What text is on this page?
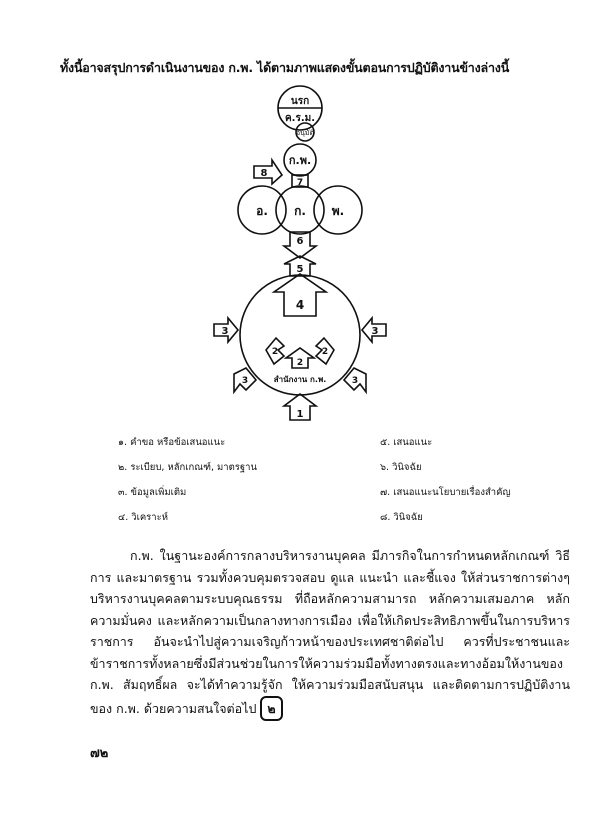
ทั้งนี้อาจสรุปการดำเนินงานของ ก.พ. ได้ตามภาพแสดงขั้นตอนการปฏิบัติงานข้างล่างนี้
นรก
ค.ร.ม.
อนุมัติ
ก.พ.
7
8
อ. ก. พ.
6
5
4
2
2
2
สำนักงาน ก.พ.
3	3
3	3
1
๑. คำขอ หรือข้อเสนอแนะ	๕. เสนอแนะ
๒. ระเบียบ, หลักเกณฑ์, มาตรฐาน	๖. วินิจฉัย
๓. ข้อมูลเพิ่มเติม	๗. เสนอแนะนโยบายเรื่องสำคัญ
๔. วิเคราะห์	๘. วินิจฉัย

ก.พ. ในฐานะองค์การกลางบริหารงานบุคคล มีภารกิจในการกำหนดหลักเกณฑ์ วิธีการ และมาตรฐาน รวมทั้งควบคุมตรวจสอบ ดูแล แนะนำ และชี้แจง ให้ส่วนราชการต่างๆ บริหารงานบุคคลตามระบบคุณธรรม ที่ถือหลักความสามารถ หลักความเสมอภาค หลักความมั่นคง และหลักความเป็นกลางทางการเมือง เพื่อให้เกิดประสิทธิภาพขึ้นในการบริหารราชการ อันจะนำไปสู่ความเจริญก้าวหน้าของประเทศชาติต่อไป ควรที่ประชาชนและข้าราชการทั้งหลายซึ่งมีส่วนช่วยในการให้ความร่วมมือทั้งทางตรงและทางอ้อมให้งานของ ก.พ. สัมฤทธิ์ผล จะได้ทำความรู้จัก ให้ความร่วมมือสนับสนุน และติดตามการปฏิบัติงานของ ก.พ. ด้วยความสนใจต่อไป ๒

๗๒
